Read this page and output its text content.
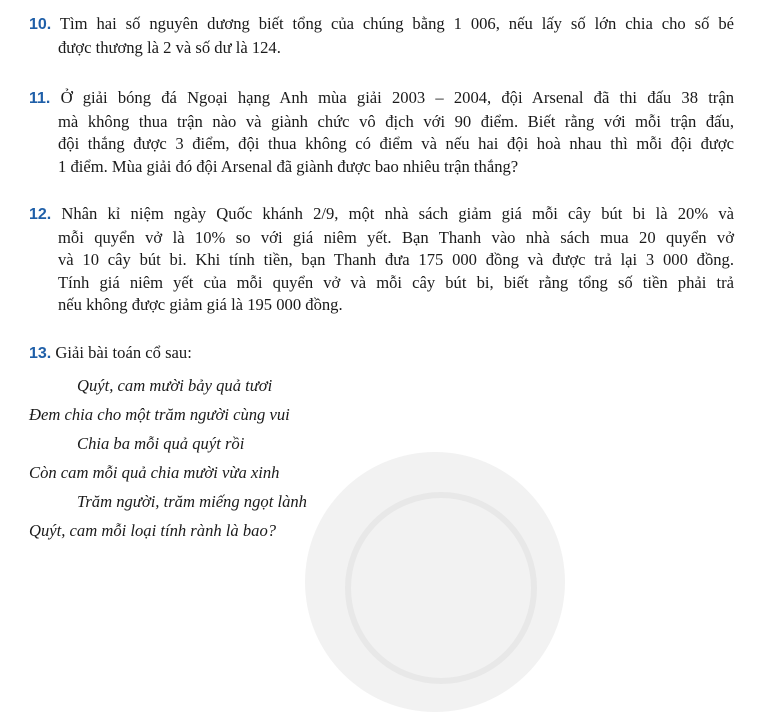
10. Tìm hai số nguyên dương biết tổng của chúng bằng 1 006, nếu lấy số lớn chia cho số bé
được thương là 2 và số dư là 124.
11. Ở giải bóng đá Ngoại hạng Anh mùa giải 2003 – 2004, đội Arsenal đã thi đấu 38 trận
mà không thua trận nào và giành chức vô địch với 90 điểm. Biết rằng với mỗi trận đấu,
đội thắng được 3 điểm, đội thua không có điểm và nếu hai đội hoà nhau thì mỗi đội được
1 điểm. Mùa giải đó đội Arsenal đã giành được bao nhiêu trận thắng?
12. Nhân kỉ niệm ngày Quốc khánh 2/9, một nhà sách giảm giá mỗi cây bút bi là 20% và
mỗi quyển vở là 10% so với giá niêm yết. Bạn Thanh vào nhà sách mua 20 quyển vở
và 10 cây bút bi. Khi tính tiền, bạn Thanh đưa 175 000 đồng và được trả lại 3 000 đồng.
Tính giá niêm yết của mỗi quyển vở và mỗi cây bút bi, biết rằng tổng số tiền phải trả
nếu không được giảm giá là 195 000 đồng.
13. Giải bài toán cổ sau:
Quýt, cam mười bảy quả tươi
Đem chia cho một trăm người cùng vui
Chia ba mỗi quả quýt rồi
Còn cam mỗi quả chia mười vừa xinh
Trăm người, trăm miếng ngọt lành
Quýt, cam mỗi loại tính rành là bao?
